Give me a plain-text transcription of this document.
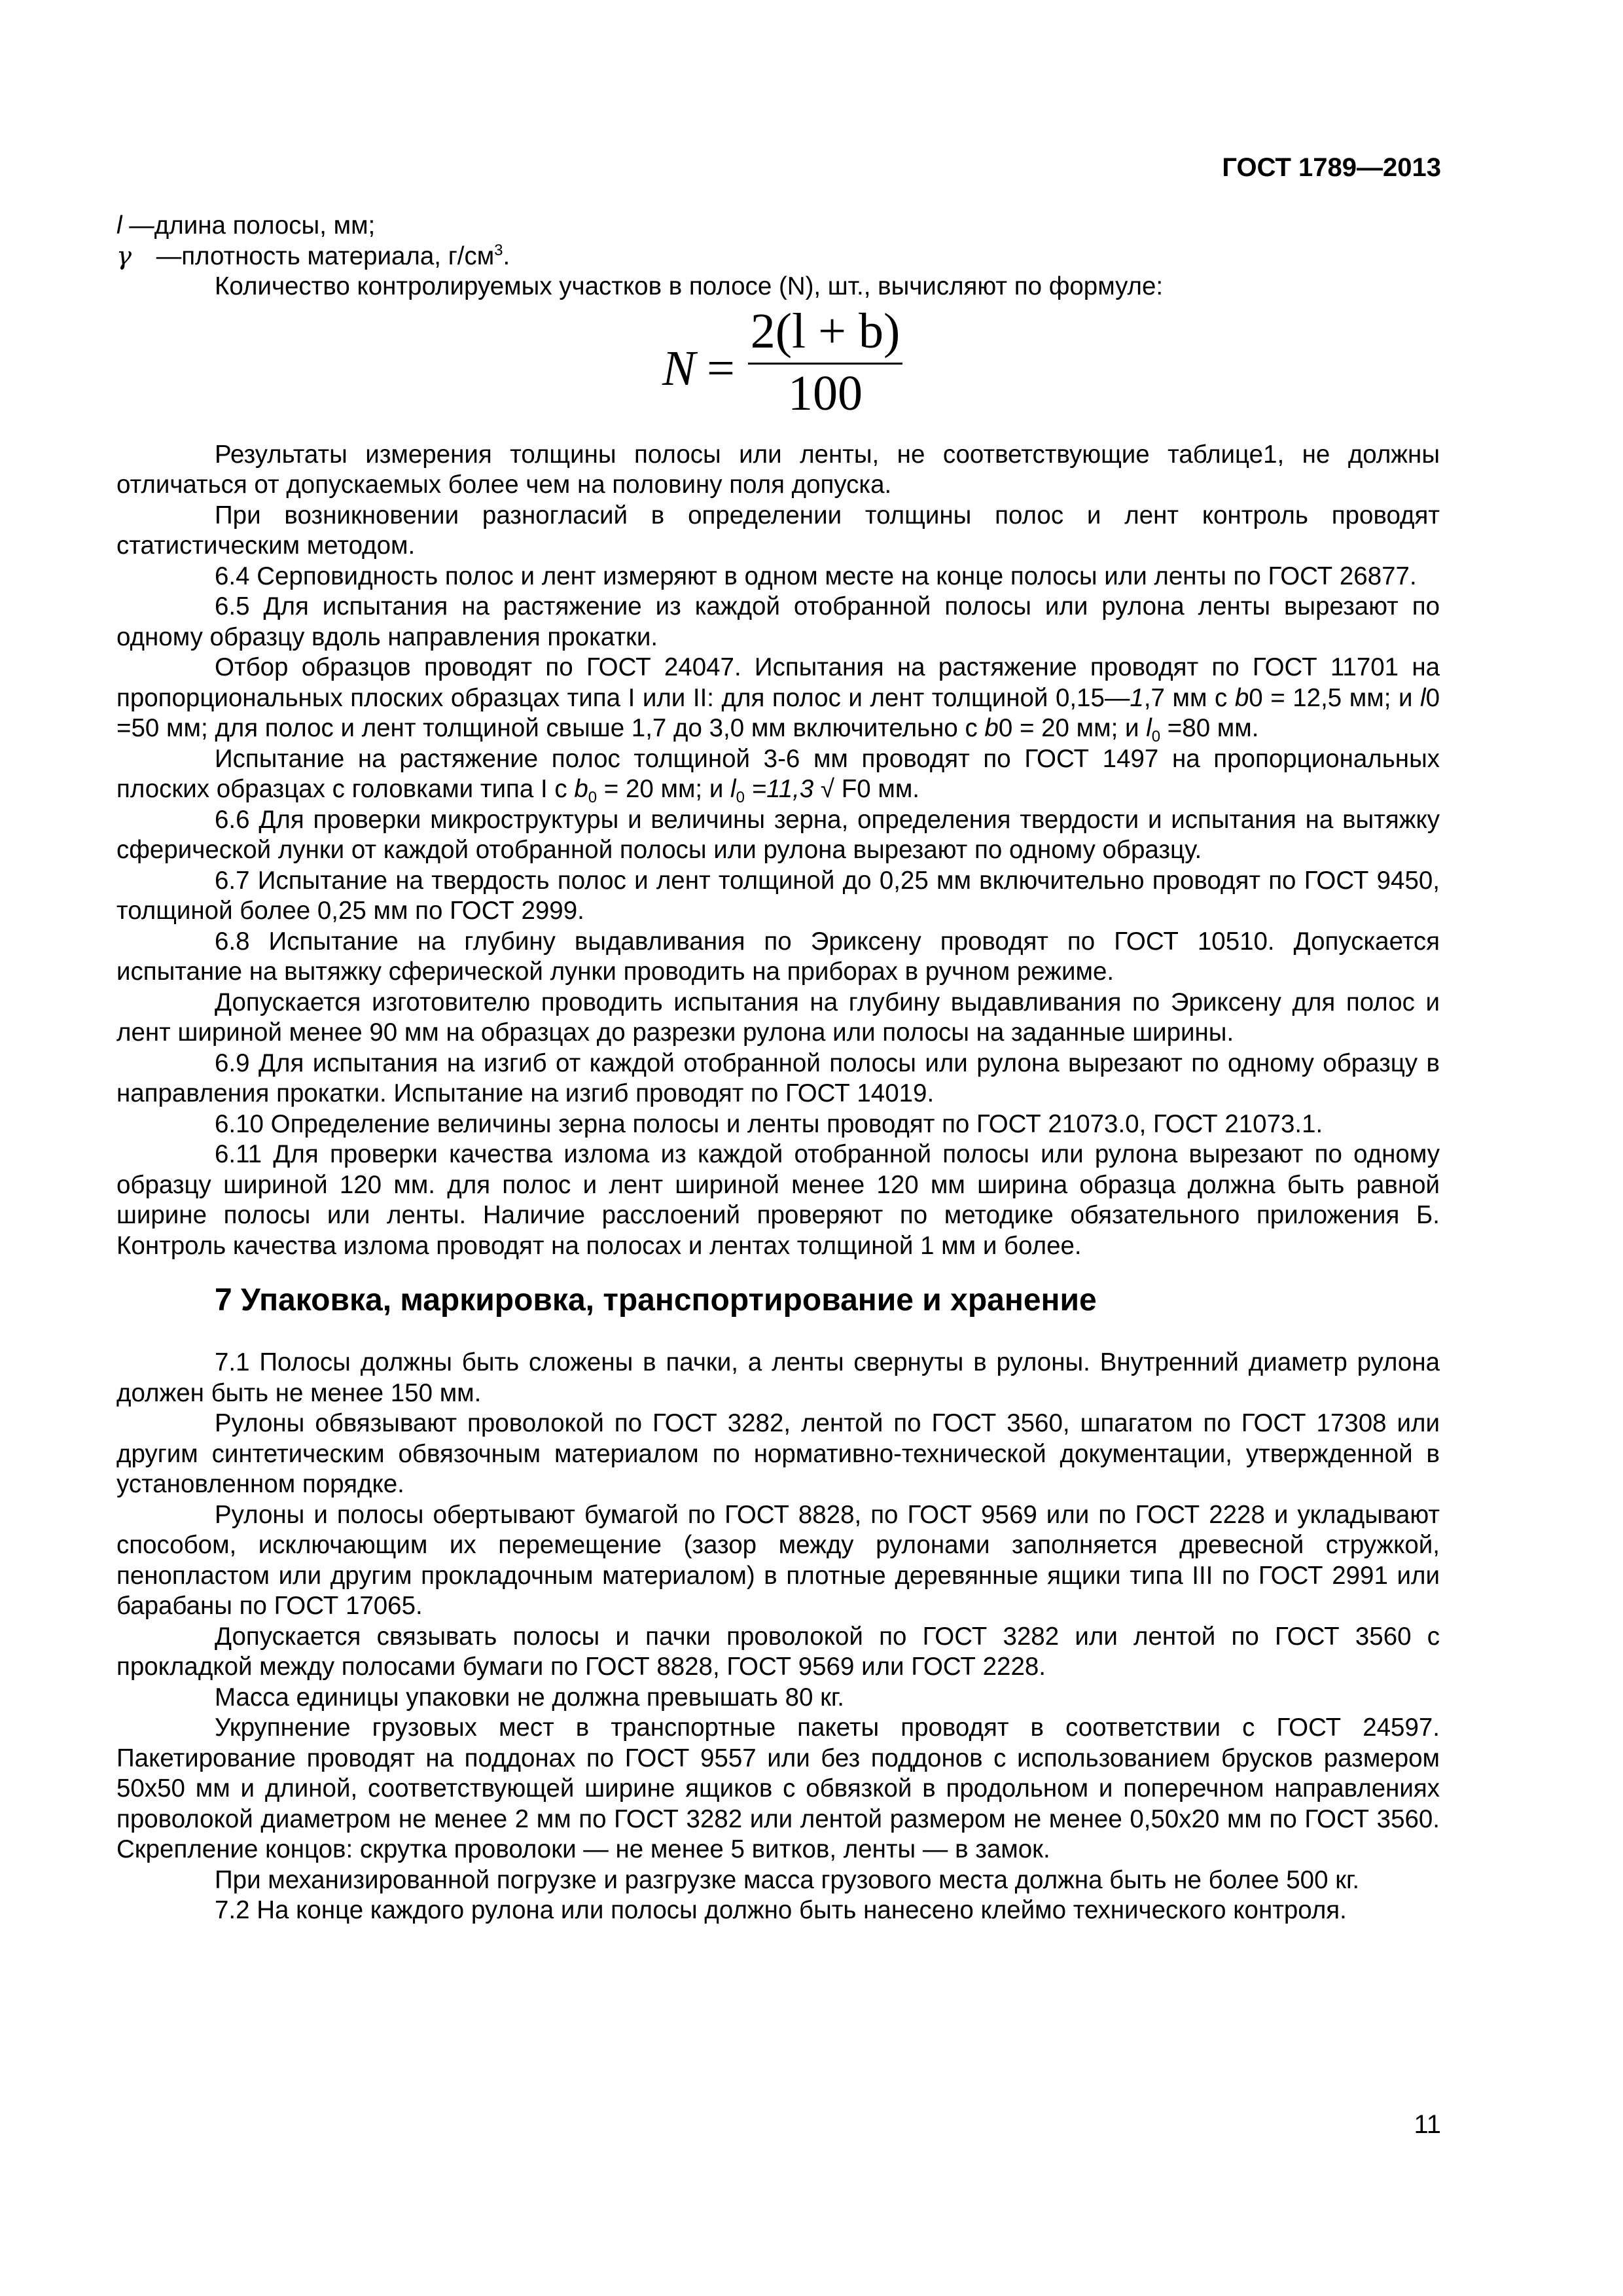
ГОСТ 1789—2013
l —длина полосы, мм;
γ —плотность материала, $г/см^3$.
Количество контролируемых участков в полосе (N), шт., вычисляют по формуле:
N =
2(l + b)
100
Результаты измерения толщины полосы или ленты, не соответствующие таблице1, не должны отличаться от допускаемых более чем на половину поля допуска.
При возникновении разногласий в определении толщины полос и лент контроль проводят статистическим методом.
6.4 Серповидность полос и лент измеряют в одном месте на конце полосы или ленты по ГОСТ 26877.
6.5 Для испытания на растяжение из каждой отобранной полосы или рулона ленты вырезают по одному образцу вдоль направления прокатки.
Отбор образцов проводят по ГОСТ 24047. Испытания на растяжение проводят по ГОСТ 11701 на пропорциональных плоских образцах типа I или II: для полос и лент толщиной 0,15—1,7 мм с b0 = 12,5 мм; и l0 =50 мм; для полос и лент толщиной свыше 1,7 до 3,0 мм включительно с b0 = 20 мм; и $l_0 =80$ мм.
Испытание на растяжение полос толщиной 3-6 мм проводят по ГОСТ 1497 на пропорциональных плоских образцах с головками типа I с $b_0 = 20$ мм; и $l_0 =11,3$ √ F0 мм.
6.6 Для проверки микроструктуры и величины зерна, определения твердости и испытания на вытяжку сферической лунки от каждой отобранной полосы или рулона вырезают по одному образцу.
6.7 Испытание на твердость полос и лент толщиной до 0,25 мм включительно проводят по ГОСТ 9450, толщиной более 0,25 мм по ГОСТ 2999.
6.8 Испытание на глубину выдавливания по Эриксену проводят по ГОСТ 10510. Допускается испытание на вытяжку сферической лунки проводить на приборах в ручном режиме.
Допускается изготовителю проводить испытания на глубину выдавливания по Эриксену для полос и лент шириной менее 90 мм на образцах до разрезки рулона или полосы на заданные ширины.
6.9 Для испытания на изгиб от каждой отобранной полосы или рулона вырезают по одному образцу в направления прокатки. Испытание на изгиб проводят по ГОСТ 14019.
6.10 Определение величины зерна полосы и ленты проводят по ГОСТ 21073.0, ГОСТ 21073.1.
6.11 Для проверки качества излома из каждой отобранной полосы или рулона вырезают по одному образцу шириной 120 мм. для полос и лент шириной менее 120 мм ширина образца должна быть равной ширине полосы или ленты. Наличие расслоений проверяют по методике обязательного приложения Б. Контроль качества излома проводят на полосах и лентах толщиной 1 мм и более.
7 Упаковка, маркировка, транспортирование и хранение
7.1 Полосы должны быть сложены в пачки, а ленты свернуты в рулоны. Внутренний диаметр рулона должен быть не менее 150 мм.
Рулоны обвязывают проволокой по ГОСТ 3282, лентой по ГОСТ 3560, шпагатом по ГОСТ 17308 или другим синтетическим обвязочным материалом по нормативно-технической документации, утвержденной в установленном порядке.
Рулоны и полосы обертывают бумагой по ГОСТ 8828, по ГОСТ 9569 или по ГОСТ 2228 и укладывают способом, исключающим их перемещение (зазор между рулонами заполняется древесной стружкой, пенопластом или другим прокладочным материалом) в плотные деревянные ящики типа III по ГОСТ 2991 или барабаны по ГОСТ 17065.
Допускается связывать полосы и пачки проволокой по ГОСТ 3282 или лентой по ГОСТ 3560 с прокладкой между полосами бумаги по ГОСТ 8828, ГОСТ 9569 или ГОСТ 2228.
Масса единицы упаковки не должна превышать 80 кг.
Укрупнение грузовых мест в транспортные пакеты проводят в соответствии с ГОСТ 24597. Пакетирование проводят на поддонах по ГОСТ 9557 или без поддонов с использованием брусков размером 50х50 мм и длиной, соответствующей ширине ящиков с обвязкой в продольном и поперечном направлениях проволокой диаметром не менее 2 мм по ГОСТ 3282 или лентой размером не менее 0,50х20 мм по ГОСТ 3560. Скрепление концов: скрутка проволоки — не менее 5 витков, ленты — в замок.
При механизированной погрузке и разгрузке масса грузового места должна быть не более 500 кг.
7.2 На конце каждого рулона или полосы должно быть нанесено клеймо технического контроля.
11
